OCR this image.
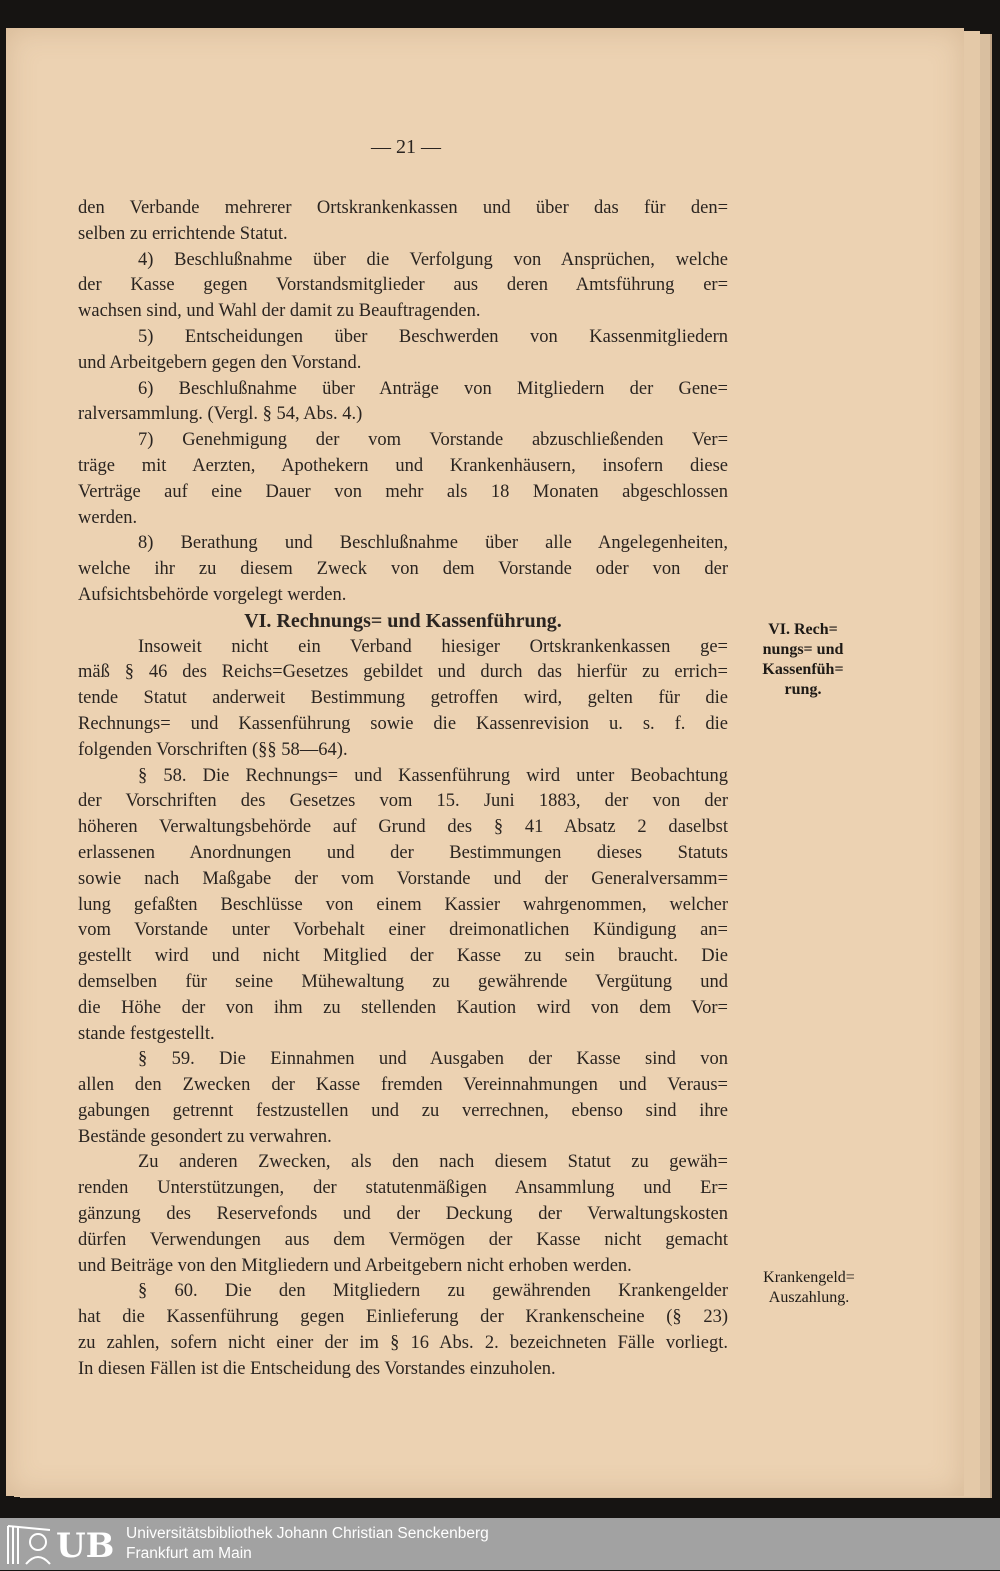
— 21 —
den Verbande mehrerer Ortskrankenkassen und über das für den=
selben zu errichtende Statut.
4) Beschlußnahme über die Verfolgung von Ansprüchen, welche
der Kasse gegen Vorstandsmitglieder aus deren Amtsführung er=
wachsen sind, und Wahl der damit zu Beauftragenden.
5) Entscheidungen über Beschwerden von Kassenmitgliedern
und Arbeitgebern gegen den Vorstand.
6) Beschlußnahme über Anträge von Mitgliedern der Gene=
ralversammlung. (Vergl. § 54, Abs. 4.)
7) Genehmigung der vom Vorstande abzuschließenden Ver=
träge mit Aerzten, Apothekern und Krankenhäusern, insofern diese
Verträge auf eine Dauer von mehr als 18 Monaten abgeschlossen
werden.
8) Berathung und Beschlußnahme über alle Angelegenheiten,
welche ihr zu diesem Zweck von dem Vorstande oder von der
Aufsichtsbehörde vorgelegt werden.
VI. Rechnungs= und Kassenführung.
Insoweit nicht ein Verband hiesiger Ortskrankenkassen ge=
mäß § 46 des Reichs=Gesetzes gebildet und durch das hierfür zu errich=
tende Statut anderweit Bestimmung getroffen wird, gelten für die
Rechnungs= und Kassenführung sowie die Kassenrevision u. s. f. die
folgenden Vorschriften (§§ 58—64).
§ 58. Die Rechnungs= und Kassenführung wird unter Beobachtung
der Vorschriften des Gesetzes vom 15. Juni 1883, der von der
höheren Verwaltungsbehörde auf Grund des § 41 Absatz 2 daselbst
erlassenen Anordnungen und der Bestimmungen dieses Statuts
sowie nach Maßgabe der vom Vorstande und der Generalversamm=
lung gefaßten Beschlüsse von einem Kassier wahrgenommen, welcher
vom Vorstande unter Vorbehalt einer dreimonatlichen Kündigung an=
gestellt wird und nicht Mitglied der Kasse zu sein braucht. Die
demselben für seine Mühewaltung zu gewährende Vergütung und
die Höhe der von ihm zu stellenden Kaution wird von dem Vor=
stande festgestellt.
§ 59. Die Einnahmen und Ausgaben der Kasse sind von
allen den Zwecken der Kasse fremden Vereinnahmungen und Veraus=
gabungen getrennt festzustellen und zu verrechnen, ebenso sind ihre
Bestände gesondert zu verwahren.
Zu anderen Zwecken, als den nach diesem Statut zu gewäh=
renden Unterstützungen, der statutenmäßigen Ansammlung und Er=
gänzung des Reservefonds und der Deckung der Verwaltungskosten
dürfen Verwendungen aus dem Vermögen der Kasse nicht gemacht
und Beiträge von den Mitgliedern und Arbeitgebern nicht erhoben werden.
§ 60. Die den Mitgliedern zu gewährenden Krankengelder
hat die Kassenführung gegen Einlieferung der Krankenscheine (§ 23)
zu zahlen, sofern nicht einer der im § 16 Abs. 2. bezeichneten Fälle vorliegt.
In diesen Fällen ist die Entscheidung des Vorstandes einzuholen.
VI. Rech=
nungs= und
Kassenfüh=
rung.
Krankengeld=
Auszahlung.
UB Universitätsbibliothek Johann Christian Senckenberg
Frankfurt am Main
